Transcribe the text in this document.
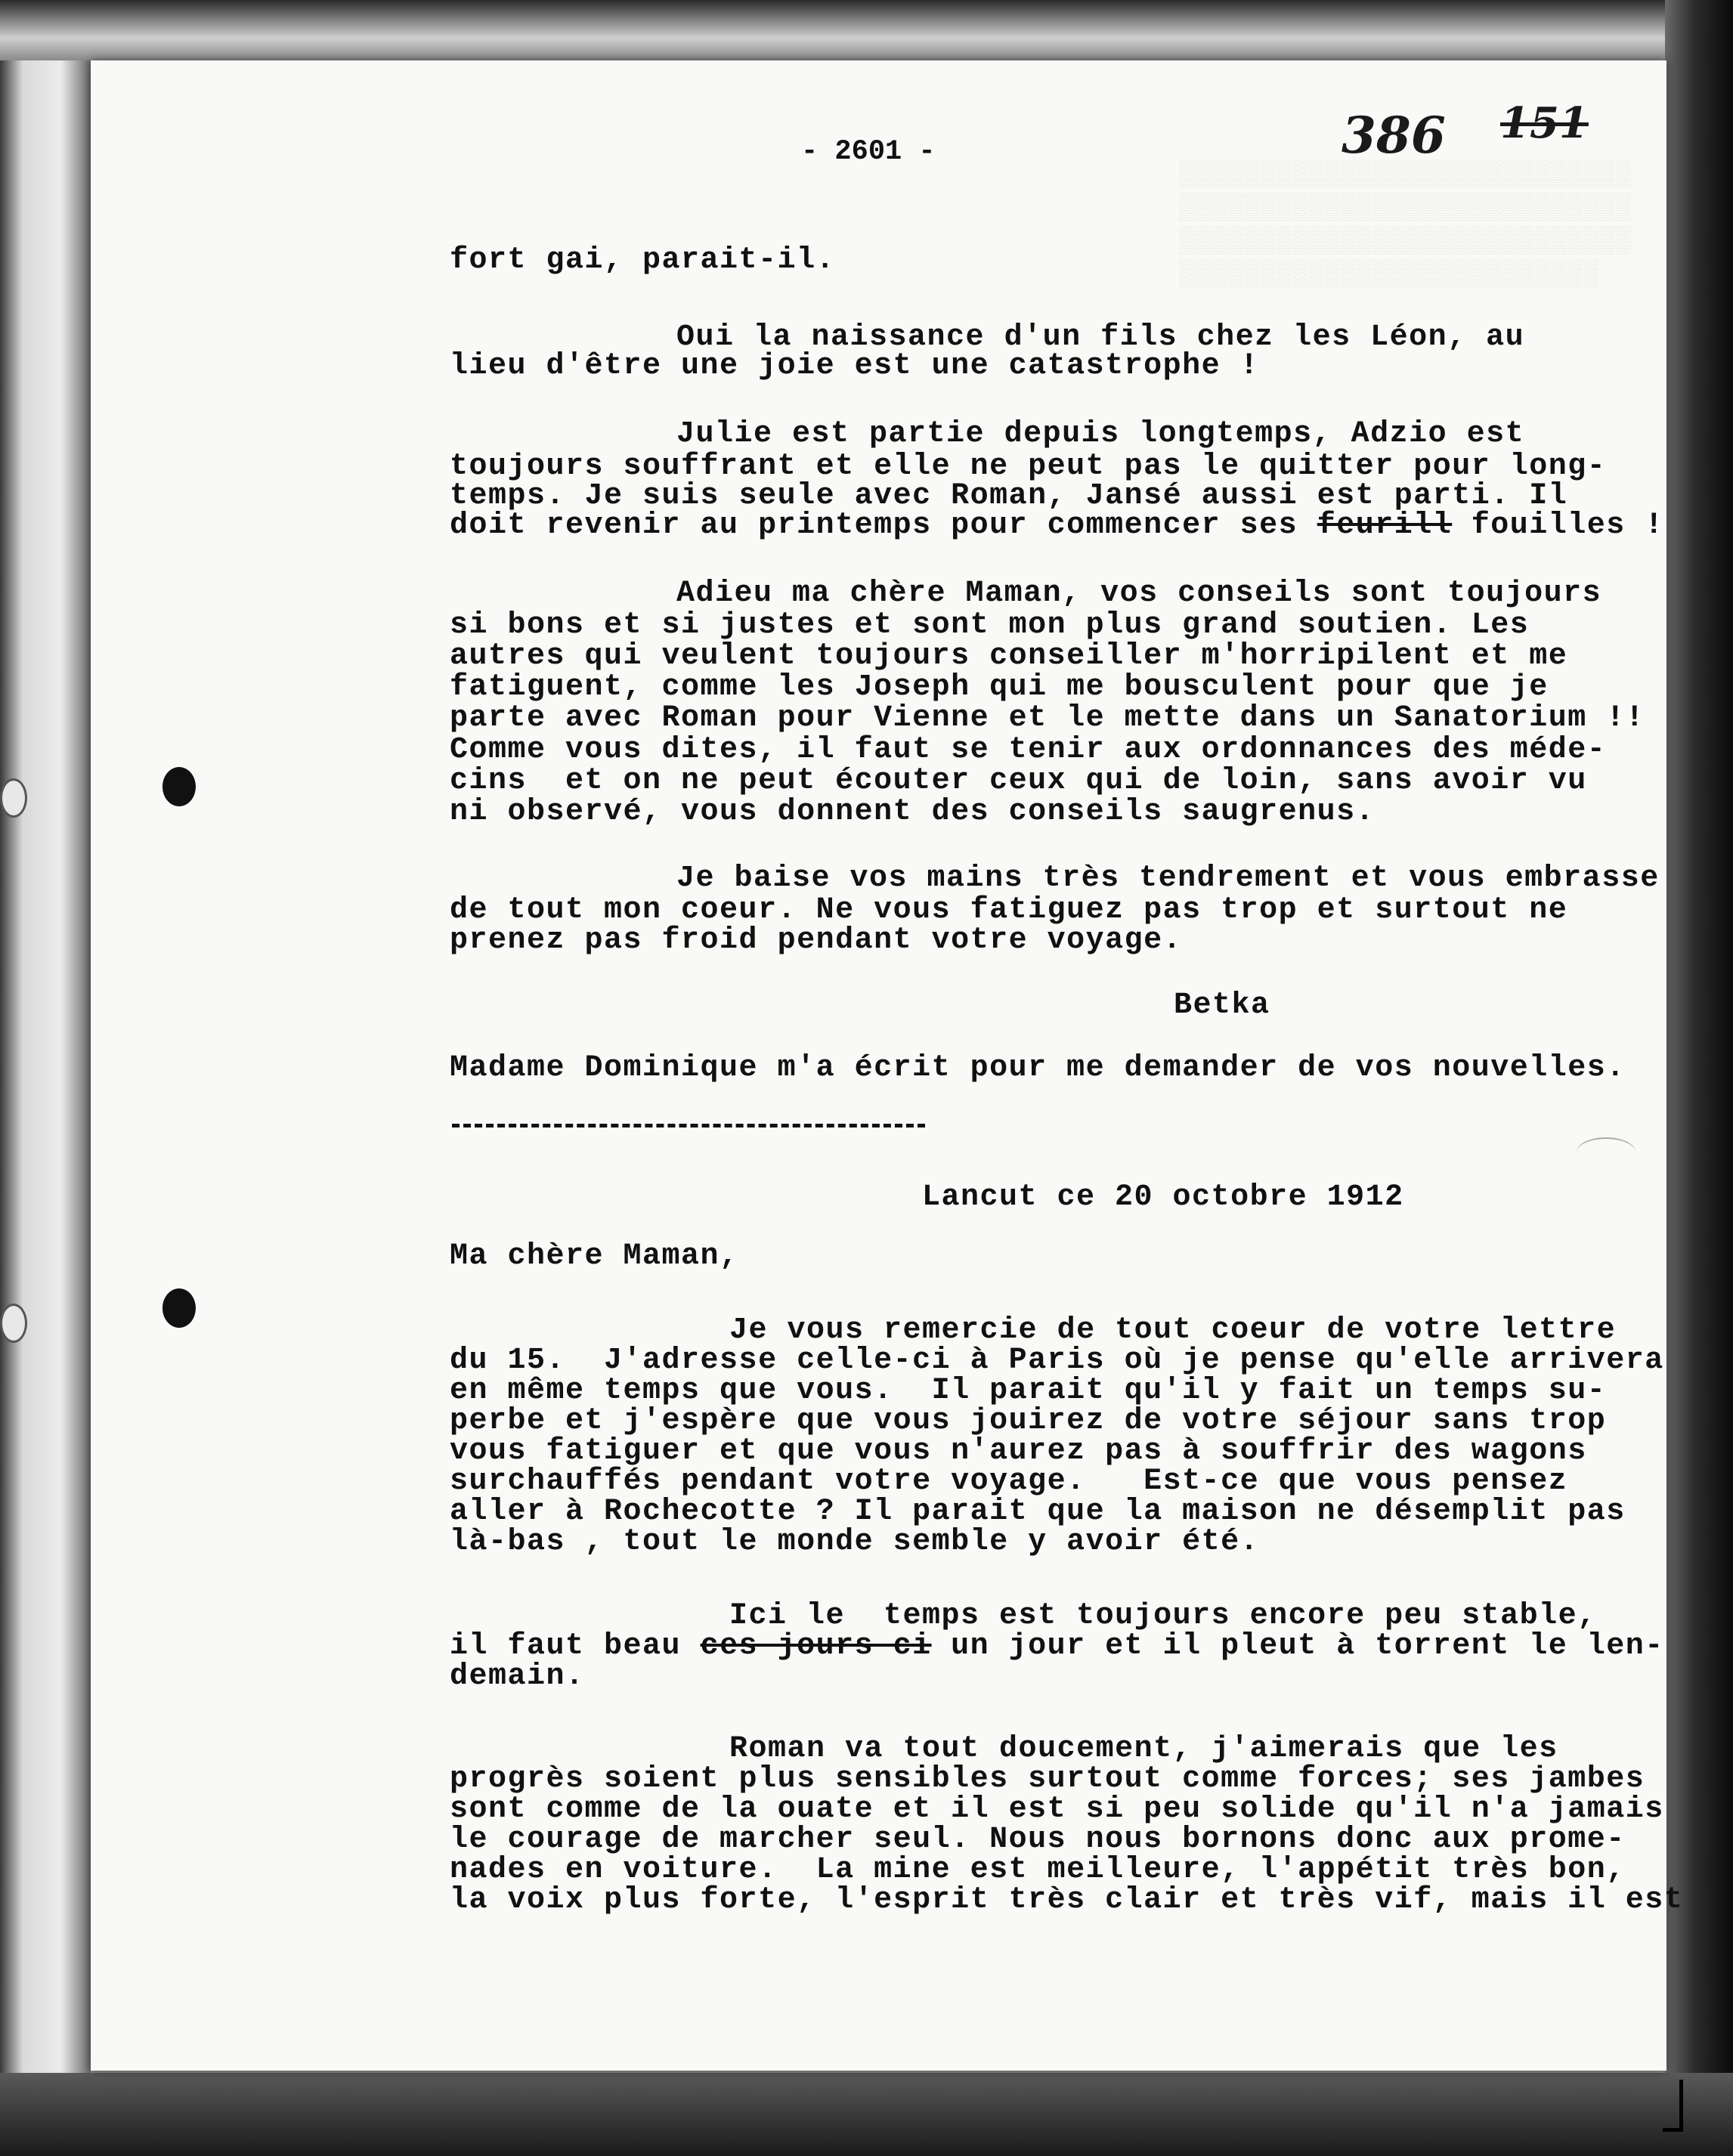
▒▒▒▒▒▒▒▒▒▒▒▒▒▒▒▒▒▒▒▒▒▒▒▒▒▒▒▒
▒▒▒▒▒▒▒▒▒▒▒▒▒▒▒▒▒▒▒▒▒▒▒▒▒▒▒▒
▒▒▒▒▒▒▒▒▒▒▒▒▒▒▒▒▒▒▒▒▒▒▒▒▒▒▒▒
▒▒▒▒▒▒▒▒▒▒▒▒▒▒▒▒▒▒▒▒▒▒▒▒▒▒
386 151
- 2601 -
fort gai, parait-il.
Oui la naissance d'un fils chez les Léon, au
lieu d'être une joie est une catastrophe !
Julie est partie depuis longtemps, Adzio est
toujours souffrant et elle ne peut pas le quitter pour long-
temps. Je suis seule avec Roman, Jansé aussi est parti. Il
doit revenir au printemps pour commencer ses feurill fouilles !
Adieu ma chère Maman, vos conseils sont toujours
si bons et si justes et sont mon plus grand soutien. Les
autres qui veulent toujours conseiller m'horripilent et me
fatiguent, comme les Joseph qui me bousculent pour que je
parte avec Roman pour Vienne et le mette dans un Sanatorium !!
Comme vous dites, il faut se tenir aux ordonnances des méde-
cins  et on ne peut écouter ceux qui de loin, sans avoir vu
ni observé, vous donnent des conseils saugrenus.
Je baise vos mains très tendrement et vous embrasse
de tout mon coeur. Ne vous fatiguez pas trop et surtout ne
prenez pas froid pendant votre voyage.
Betka
Madame Dominique m'a écrit pour me demander de vos nouvelles.
Lancut ce 20 octobre 1912
Ma chère Maman,
Je vous remercie de tout coeur de votre lettre
du 15.  J'adresse celle-ci à Paris où je pense qu'elle arrivera
en même temps que vous.  Il parait qu'il y fait un temps su-
perbe et j'espère que vous jouirez de votre séjour sans trop
vous fatiguer et que vous n'aurez pas à souffrir des wagons
surchauffés pendant votre voyage.   Est-ce que vous pensez
aller à Rochecotte ? Il parait que la maison ne désemplit pas
là-bas , tout le monde semble y avoir été.
Ici le  temps est toujours encore peu stable,
il faut beau ces jours ci un jour et il pleut à torrent le len-
demain.
Roman va tout doucement, j'aimerais que les
progrès soient plus sensibles surtout comme forces; ses jambes
sont comme de la ouate et il est si peu solide qu'il n'a jamais
le courage de marcher seul. Nous nous bornons donc aux prome-
nades en voiture.  La mine est meilleure, l'appétit très bon,
la voix plus forte, l'esprit très clair et très vif, mais il est
